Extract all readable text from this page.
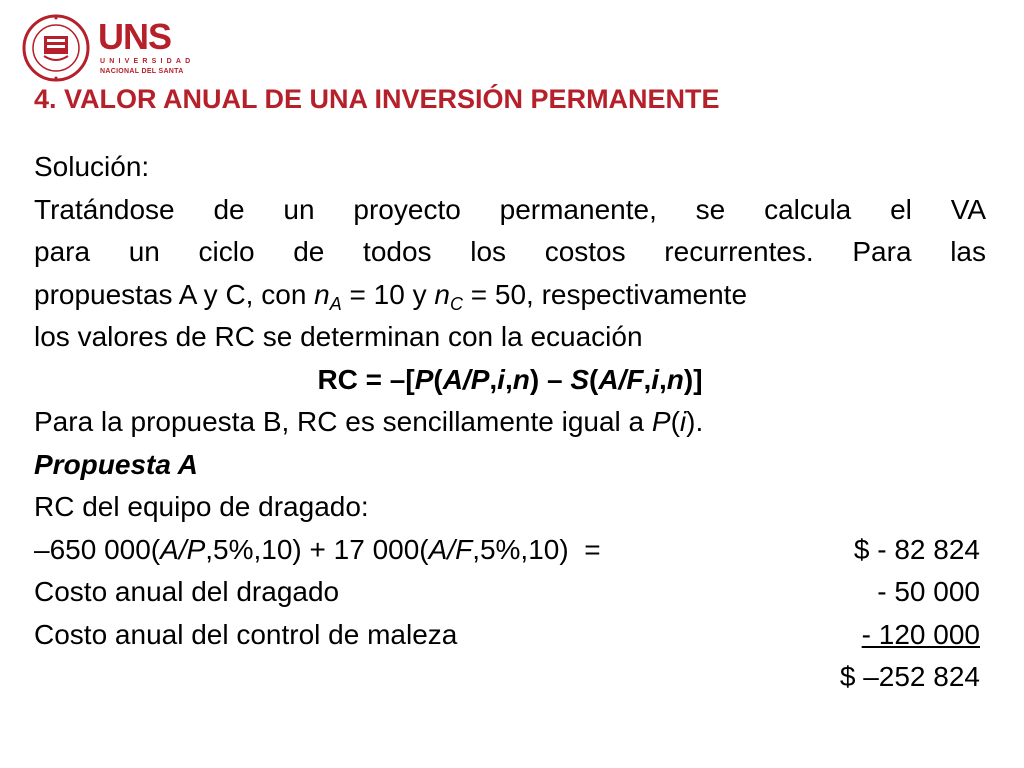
UNS
UNIVERSIDAD
NACIONAL DEL SANTA
4. VALOR ANUAL DE UNA INVERSIÓN PERMANENTE
Solución:
Tratándose de un proyecto permanente, se calcula el VA
para un ciclo de todos los costos recurrentes. Para las
propuestas A y C, con $n_A = 10$ y $n_C = 50$, respectivamente
los valores de RC se determinan con la ecuación
RC = –[P(A/P,i,n) – S(A/F,i,n)]
Para la propuesta B, RC es sencillamente igual a P(i).
Propuesta A
RC del equipo de dragado:
–650 000(A/P,5%,10) + 17 000(A/F,5%,10)  =	$ - 82 824
Costo anual del dragado	- 50 000
Costo anual del control de maleza	- 120 000
$ –252 824
